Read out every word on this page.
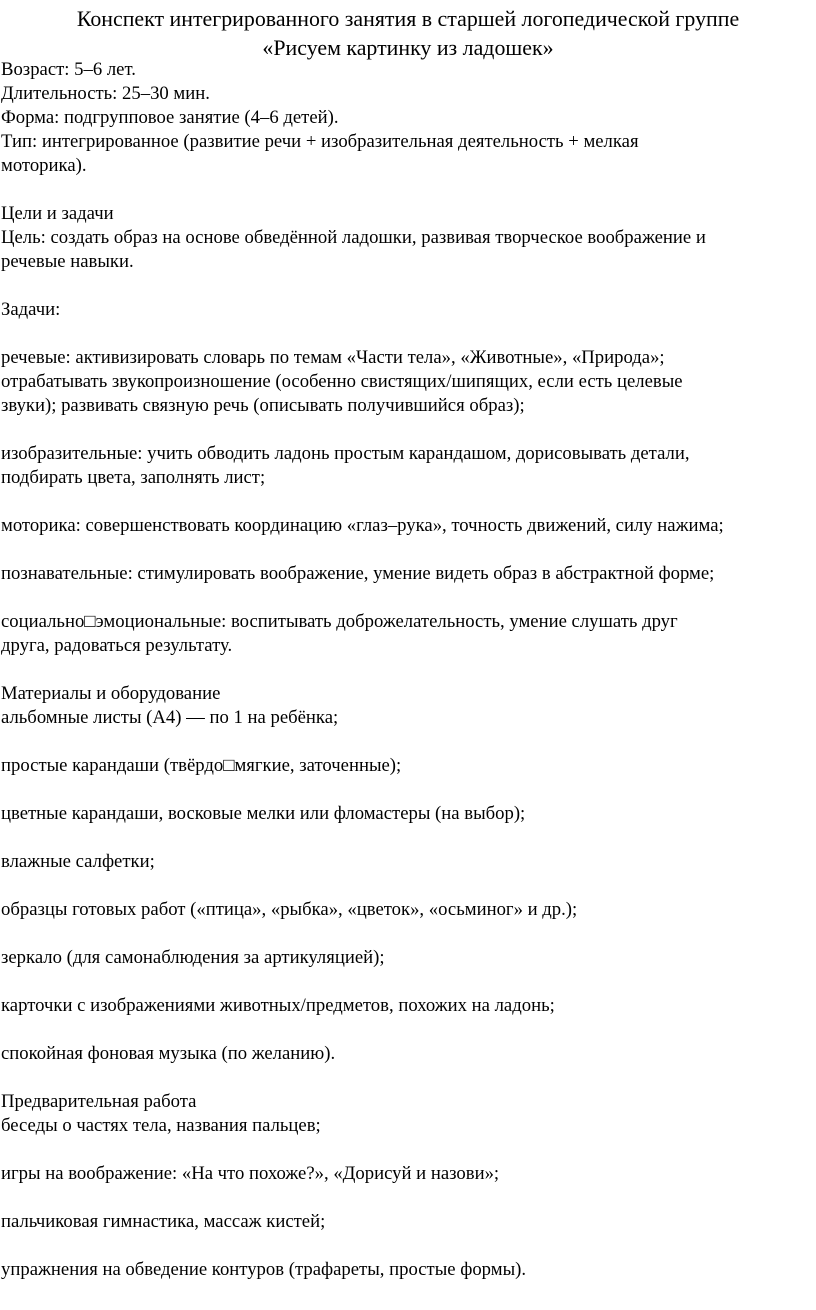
Конспект интегрированного занятия в старшей логопедической группе
«Рисуем картинку из ладошек»
Возраст: 5–6 лет.
Длительность: 25–30 мин.
Форма: подгрупповое занятие (4–6 детей).
Тип: интегрированное (развитие речи + изобразительная деятельность + мелкая
моторика).
Цели и задачи
Цель: создать образ на основе обведённой ладошки, развивая творческое воображение и
речевые навыки.
Задачи:
речевые: активизировать словарь по темам «Части тела», «Животные», «Природа»;
отрабатывать звукопроизношение (особенно свистящих/шипящих, если есть целевые
звуки); развивать связную речь (описывать получившийся образ);
изобразительные: учить обводить ладонь простым карандашом, дорисовывать детали,
подбирать цвета, заполнять лист;
моторика: совершенствовать координацию «глаз–рука», точность движений, силу нажима;
познавательные: стимулировать воображение, умение видеть образ в абстрактной форме;
социально□эмоциональные: воспитывать доброжелательность, умение слушать друг
друга, радоваться результату.
Материалы и оборудование
альбомные листы (А4) — по 1 на ребёнка;
простые карандаши (твёрдо□мягкие, заточенные);
цветные карандаши, восковые мелки или фломастеры (на выбор);
влажные салфетки;
образцы готовых работ («птица», «рыбка», «цветок», «осьминог» и др.);
зеркало (для самонаблюдения за артикуляцией);
карточки с изображениями животных/предметов, похожих на ладонь;
спокойная фоновая музыка (по желанию).
Предварительная работа
беседы о частях тела, названия пальцев;
игры на воображение: «На что похоже?», «Дорисуй и назови»;
пальчиковая гимнастика, массаж кистей;
упражнения на обведение контуров (трафареты, простые формы).
